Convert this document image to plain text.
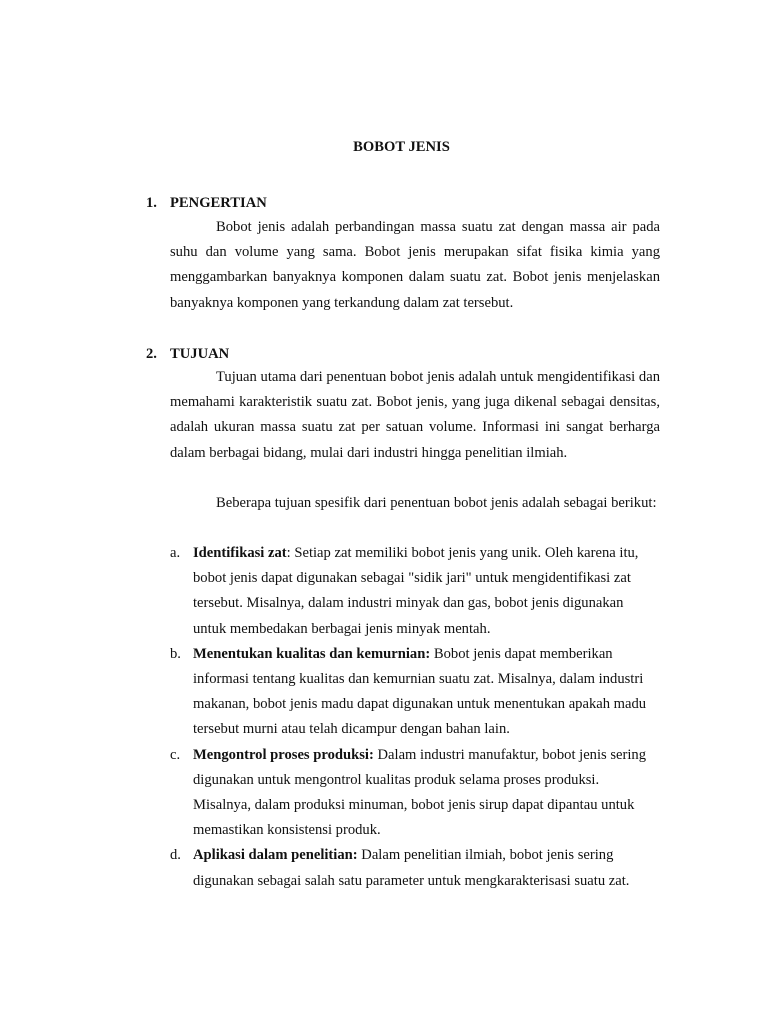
BOBOT JENIS
1. PENGERTIAN

Bobot jenis adalah perbandingan massa suatu zat dengan massa air pada suhu dan volume yang sama. Bobot jenis merupakan sifat fisika kimia yang menggambarkan banyaknya komponen dalam suatu zat. Bobot jenis menjelaskan banyaknya komponen yang terkandung dalam zat tersebut.

2. TUJUAN

Tujuan utama dari penentuan bobot jenis adalah untuk mengidentifikasi dan memahami karakteristik suatu zat. Bobot jenis, yang juga dikenal sebagai densitas, adalah ukuran massa suatu zat per satuan volume. Informasi ini sangat berharga dalam berbagai bidang, mulai dari industri hingga penelitian ilmiah.

Beberapa tujuan spesifik dari penentuan bobot jenis adalah sebagai berikut:

a. Identifikasi zat: Setiap zat memiliki bobot jenis yang unik. Oleh karena itu, bobot jenis dapat digunakan sebagai "sidik jari" untuk mengidentifikasi zat tersebut. Misalnya, dalam industri minyak dan gas, bobot jenis digunakan untuk membedakan berbagai jenis minyak mentah.
b. Menentukan kualitas dan kemurnian: Bobot jenis dapat memberikan informasi tentang kualitas dan kemurnian suatu zat. Misalnya, dalam industri makanan, bobot jenis madu dapat digunakan untuk menentukan apakah madu tersebut murni atau telah dicampur dengan bahan lain.
c. Mengontrol proses produksi: Dalam industri manufaktur, bobot jenis sering digunakan untuk mengontrol kualitas produk selama proses produksi. Misalnya, dalam produksi minuman, bobot jenis sirup dapat dipantau untuk memastikan konsistensi produk.
d. Aplikasi dalam penelitian: Dalam penelitian ilmiah, bobot jenis sering digunakan sebagai salah satu parameter untuk mengkarakterisasi suatu zat.
